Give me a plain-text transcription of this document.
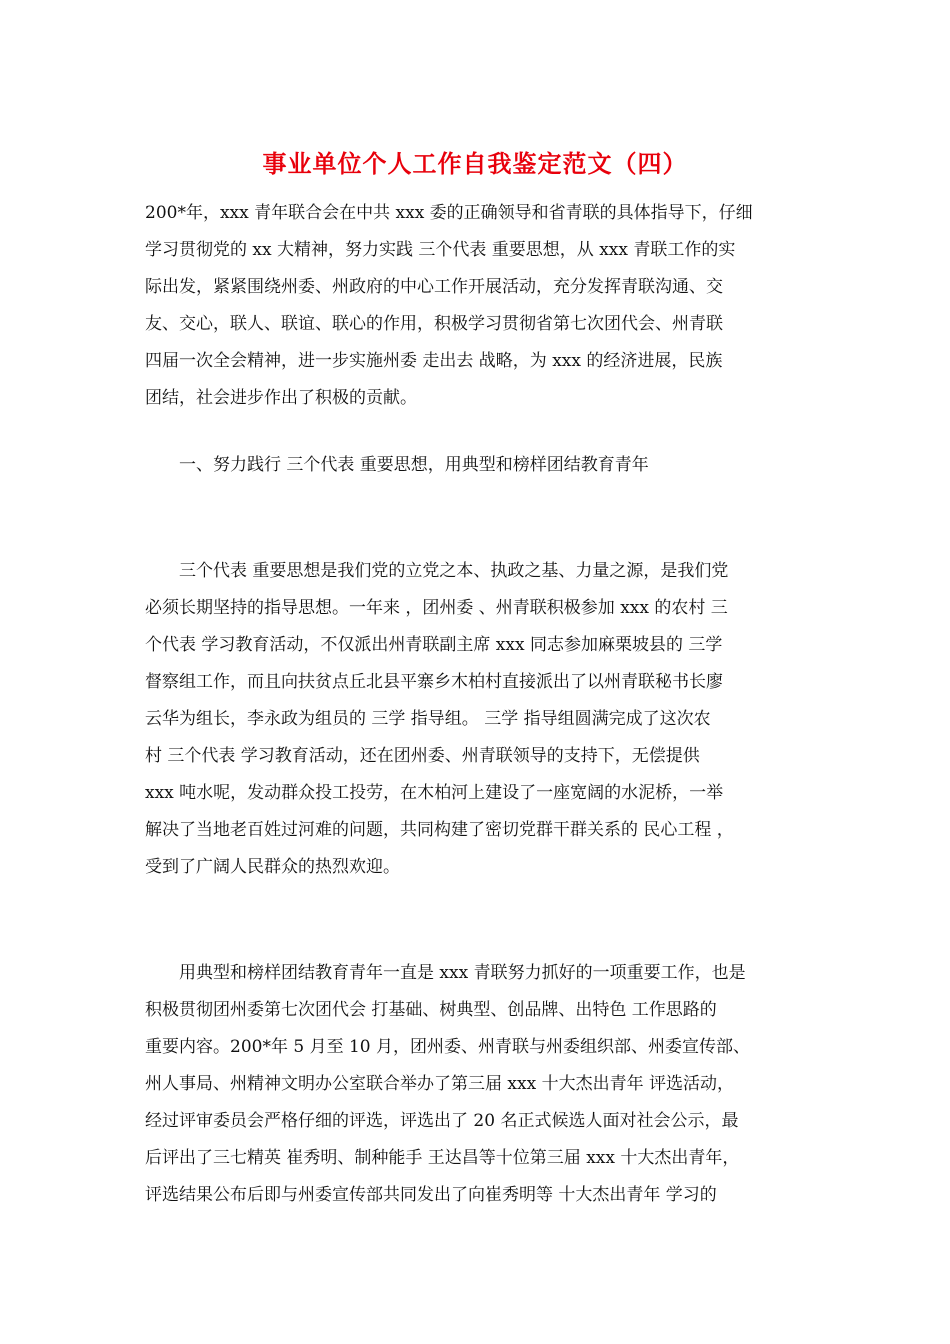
事业单位个人工作自我鉴定范文（四）
200*年，xxx 青年联合会在中共 xxx 委的正确领导和省青联的具体指导下，仔细
学习贯彻党的 xx 大精神，努力实践 三个代表 重要思想，从 xxx 青联工作的实
际出发，紧紧围绕州委、州政府的中心工作开展活动，充分发挥青联沟通、交
友、交心，联人、联谊、联心的作用，积极学习贯彻省第七次团代会、州青联
四届一次全会精神，进一步实施州委 走出去 战略，为 xxx 的经济进展，民族
团结，社会进步作出了积极的贡献。
一、努力践行 三个代表 重要思想，用典型和榜样团结教育青年
三个代表 重要思想是我们党的立党之本、执政之基、力量之源，是我们党
必须长期坚持的指导思想。一年来 ，团州委 、州青联积极参加 xxx 的农村 三
个代表 学习教育活动，不仅派出州青联副主席 xxx 同志参加麻栗坡县的 三学
督察组工作，而且向扶贫点丘北县平寨乡木柏村直接派出了以州青联秘书长廖
云华为组长，李永政为组员的 三学 指导组。 三学 指导组圆满完成了这次农
村 三个代表 学习教育活动，还在团州委、州青联领导的支持下，无偿提供
xxx 吨水呢，发动群众投工投劳，在木柏河上建设了一座宽阔的水泥桥，一举
解决了当地老百姓过河难的问题，共同构建了密切党群干群关系的 民心工程 ，
受到了广阔人民群众的热烈欢迎。
用典型和榜样团结教育青年一直是 xxx 青联努力抓好的一项重要工作，也是
积极贯彻团州委第七次团代会 打基础、树典型、创品牌、出特色 工作思路的
重要内容。200*年 5 月至 10 月，团州委、州青联与州委组织部、州委宣传部、
州人事局、州精神文明办公室联合举办了第三届 xxx 十大杰出青年 评选活动，
经过评审委员会严格仔细的评选，评选出了 20 名正式候选人面对社会公示，最
后评出了三七精英 崔秀明、制种能手 王达昌等十位第三届 xxx 十大杰出青年，
评选结果公布后即与州委宣传部共同发出了向崔秀明等 十大杰出青年 学习的
